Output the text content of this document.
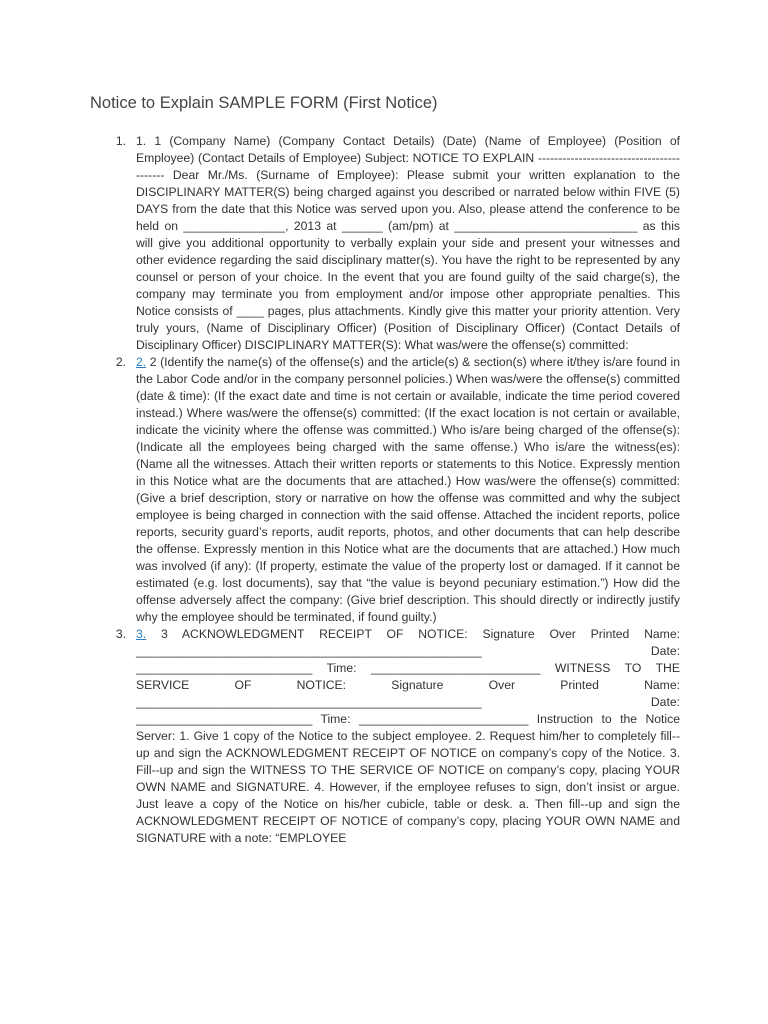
Notice to Explain SAMPLE FORM (First Notice)
1. 1. 1 (Company Name) (Company Contact Details) (Date) (Name of Employee) (Position of Employee) (Contact Details of Employee) Subject: NOTICE TO EXPLAIN ------------------------------------------ Dear Mr./Ms. (Surname of Employee): Please submit your written explanation to the DISCIPLINARY MATTER(S) being charged against you described or narrated below within FIVE (5) DAYS from the date that this Notice was served upon you. Also, please attend the conference to be held on _______________, 2013 at ______ (am/pm) at ___________________________ as this will give you additional opportunity to verbally explain your side and present your witnesses and other evidence regarding the said disciplinary matter(s). You have the right to be represented by any counsel or person of your choice. In the event that you are found guilty of the said charge(s), the company may terminate you from employment and/or impose other appropriate penalties. This Notice consists of ____ pages, plus attachments. Kindly give this matter your priority attention. Very truly yours, (Name of Disciplinary Officer) (Position of Disciplinary Officer) (Contact Details of Disciplinary Officer) DISCIPLINARY MATTER(S): What was/were the offense(s) committed:
2. 2. 2 (Identify the name(s) of the offense(s) and the article(s) & section(s) where it/they is/are found in the Labor Code and/or in the company personnel policies.) When was/were the offense(s) committed (date & time): (If the exact date and time is not certain or available, indicate the time period covered instead.) Where was/were the offense(s) committed: (If the exact location is not certain or available, indicate the vicinity where the offense was committed.) Who is/are being charged of the offense(s): (Indicate all the employees being charged with the same offense.) Who is/are the witness(es): (Name all the witnesses. Attach their written reports or statements to this Notice. Expressly mention in this Notice what are the documents that are attached.) How was/were the offense(s) committed: (Give a brief description, story or narrative on how the offense was committed and why the subject employee is being charged in connection with the said offense. Attached the incident reports, police reports, security guard’s reports, audit reports, photos, and other documents that can help describe the offense. Expressly mention in this Notice what are the documents that are attached.) How much was involved (if any): (If property, estimate the value of the property lost or damaged. If it cannot be estimated (e.g. lost documents), say that “the value is beyond pecuniary estimation.”) How did the offense adversely affect the company: (Give brief description. This should directly or indirectly justify why the employee should be terminated, if found guilty.)
3. 3. 3 ACKNOWLEDGMENT RECEIPT OF NOTICE: Signature Over Printed Name: ___________________________________________________ Date: __________________________ Time: _________________________ WITNESS TO THE SERVICE OF NOTICE: Signature Over Printed Name: ___________________________________________________ Date: __________________________ Time: _________________________ Instruction to the Notice Server: 1. Give 1 copy of the Notice to the subject employee. 2. Request him/her to completely fill--up and sign the ACKNOWLEDGMENT RECEIPT OF NOTICE on company’s copy of the Notice. 3. Fill--up and sign the WITNESS TO THE SERVICE OF NOTICE on company’s copy, placing YOUR OWN NAME and SIGNATURE. 4. However, if the employee refuses to sign, don’t insist or argue. Just leave a copy of the Notice on his/her cubicle, table or desk. a. Then fill--up and sign the ACKNOWLEDGMENT RECEIPT OF NOTICE of company’s copy, placing YOUR OWN NAME and SIGNATURE with a note: “EMPLOYEE
